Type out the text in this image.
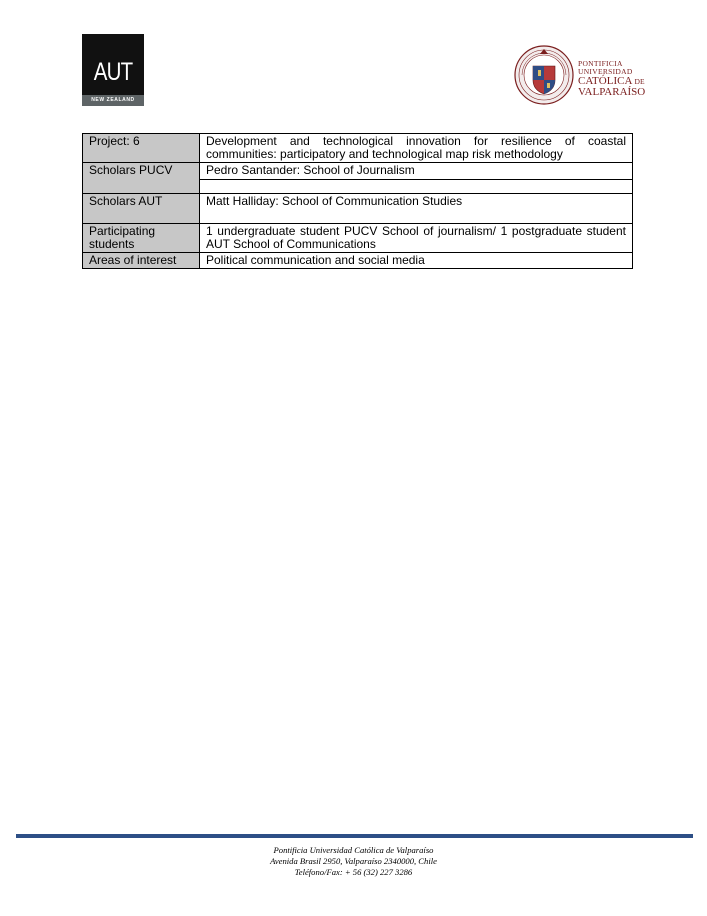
AUT
NEW ZEALAND
PONTIFICIA
UNIVERSIDAD
CATÓLICA DE
VALPARAÍSO
Project: 6	Development and technological innovation for resilience of coastal communities: participatory and technological map risk methodology
Scholars PUCV	Pedro Santander: School of Journalism

Scholars AUT	Matt Halliday: School of Communication Studies
Participating students	1 undergraduate student PUCV School of journalism/ 1 postgraduate student AUT School of Communications
Areas of interest	Political communication and social media
Pontificia Universidad Católica de Valparaíso
Avenida Brasil 2950, Valparaíso 2340000, Chile
Teléfono/Fax: + 56 (32) 227 3286
